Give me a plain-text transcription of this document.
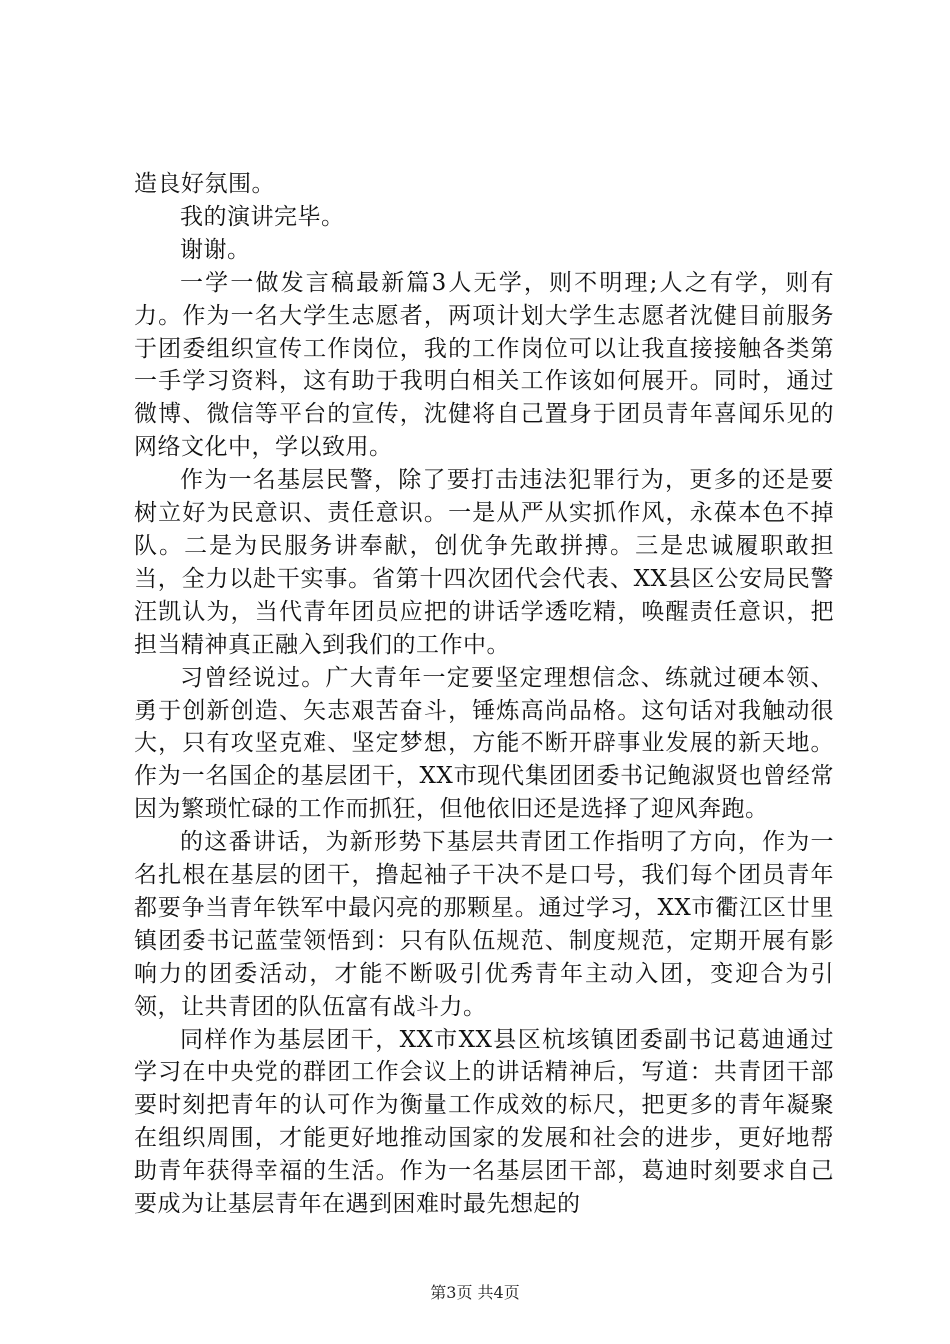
造良好氛围。

我的演讲完毕。

谢谢。

一学一做发言稿最新篇3人无学，则不明理;人之有学，则有力。作为一名大学生志愿者，两项计划大学生志愿者沈健目前服务于团委组织宣传工作岗位，我的工作岗位可以让我直接接触各类第一手学习资料，这有助于我明白相关工作该如何展开。同时，通过微博、微信等平台的宣传，沈健将自己置身于团员青年喜闻乐见的网络文化中，学以致用。

作为一名基层民警，除了要打击违法犯罪行为，更多的还是要树立好为民意识、责任意识。一是从严从实抓作风，永葆本色不掉队。二是为民服务讲奉献，创优争先敢拼搏。三是忠诚履职敢担当，全力以赴干实事。省第十四次团代会代表、XX县区公安局民警汪凯认为，当代青年团员应把的讲话学透吃精，唤醒责任意识，把担当精神真正融入到我们的工作中。

习曾经说过。广大青年一定要坚定理想信念、练就过硬本领、勇于创新创造、矢志艰苦奋斗，锤炼高尚品格。这句话对我触动很大，只有攻坚克难、坚定梦想，方能不断开辟事业发展的新天地。作为一名国企的基层团干，XX市现代集团团委书记鲍淑贤也曾经常因为繁琐忙碌的工作而抓狂，但他依旧还是选择了迎风奔跑。

的这番讲话，为新形势下基层共青团工作指明了方向，作为一名扎根在基层的团干，撸起袖子干决不是口号，我们每个团员青年都要争当青年铁军中最闪亮的那颗星。通过学习，XX市衢江区廿里镇团委书记蓝莹领悟到：只有队伍规范、制度规范，定期开展有影响力的团委活动，才能不断吸引优秀青年主动入团，变迎合为引领，让共青团的队伍富有战斗力。

同样作为基层团干，XX市XX县区杭垓镇团委副书记葛迪通过学习在中央党的群团工作会议上的讲话精神后，写道：共青团干部要时刻把青年的认可作为衡量工作成效的标尺，把更多的青年凝聚在组织周围，才能更好地推动国家的发展和社会的进步，更好地帮助青年获得幸福的生活。作为一名基层团干部，葛迪时刻要求自己要成为让基层青年在遇到困难时最先想起的

第3页 共4页
